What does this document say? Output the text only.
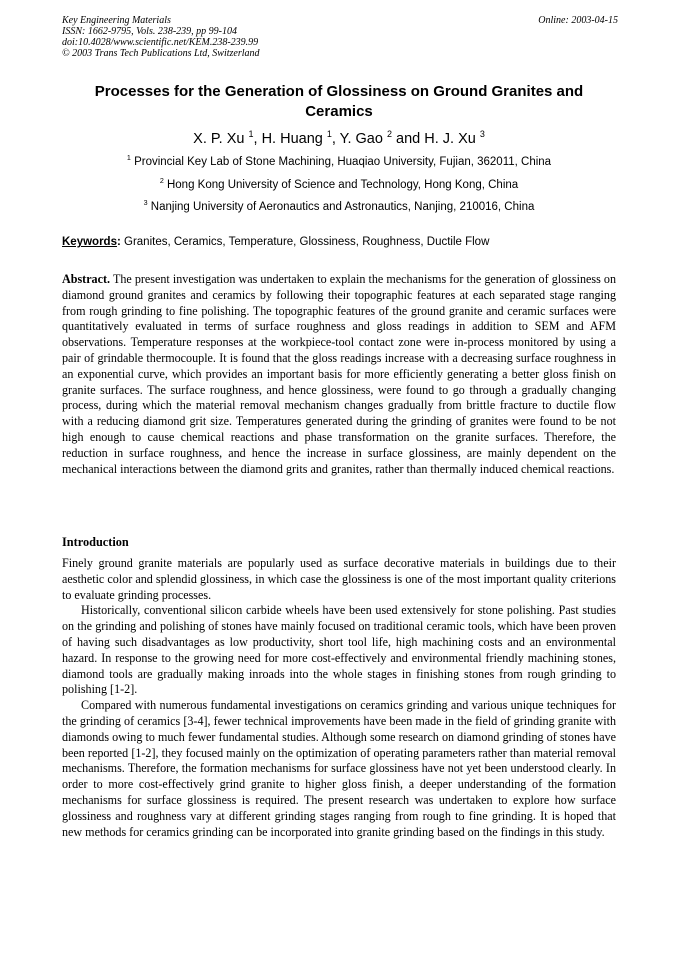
Key Engineering Materials
ISSN: 1662-9795, Vols. 238-239, pp 99-104
doi:10.4028/www.scientific.net/KEM.238-239.99
© 2003 Trans Tech Publications Ltd, Switzerland
Online: 2003-04-15
Processes for the Generation of Glossiness on Ground Granites and Ceramics
X. P. Xu $^1$, H. Huang $^1$, Y. Gao $^2$ and H. J. Xu $^3$
$^1$ Provincial Key Lab of Stone Machining, Huaqiao University, Fujian, 362011, China
$^2$ Hong Kong University of Science and Technology, Hong Kong, China
$^3$ Nanjing University of Aeronautics and Astronautics, Nanjing, 210016, China
Keywords: Granites, Ceramics, Temperature, Glossiness, Roughness, Ductile Flow
Abstract. The present investigation was undertaken to explain the mechanisms for the generation of glossiness on diamond ground granites and ceramics by following their topographic features at each separated stage ranging from rough grinding to fine polishing. The topographic features of the ground granite and ceramic surfaces were quantitatively evaluated in terms of surface roughness and gloss readings in addition to SEM and AFM observations. Temperature responses at the workpiece-tool contact zone were in-process monitored by using a pair of grindable thermocouple. It is found that the gloss readings increase with a decreasing surface roughness in an exponential curve, which provides an important basis for more efficiently generating a better gloss finish on granite surfaces. The surface roughness, and hence glossiness, were found to go through a gradually changing process, during which the material removal mechanism changes gradually from brittle fracture to ductile flow with a reducing diamond grit size. Temperatures generated during the grinding of granites were found to be not high enough to cause chemical reactions and phase transformation on the granite surfaces. Therefore, the reduction in surface roughness, and hence the increase in surface glossiness, are mainly dependent on the mechanical interactions between the diamond grits and granites, rather than thermally induced chemical reactions.
Introduction

Finely ground granite materials are popularly used as surface decorative materials in buildings due to their aesthetic color and splendid glossiness, in which case the glossiness is one of the most important quality criterions to evaluate grinding processes.

Historically, conventional silicon carbide wheels have been used extensively for stone polishing. Past studies on the grinding and polishing of stones have mainly focused on traditional ceramic tools, which have been proven of having such disadvantages as low productivity, short tool life, high machining costs and an environmental hazard. In response to the growing need for more cost-effectively and environmental friendly machining stones, diamond tools are gradually making inroads into the whole stages in finishing stones from rough grinding to polishing [1-2].

Compared with numerous fundamental investigations on ceramics grinding and various unique techniques for the grinding of ceramics [3-4], fewer technical improvements have been made in the field of grinding granite with diamonds owing to much fewer fundamental studies. Although some research on diamond grinding of stones have been reported [1-2], they focused mainly on the optimization of operating parameters rather than material removal mechanisms. Therefore, the formation mechanisms for surface glossiness have not yet been understood clearly. In order to more cost-effectively grind granite to higher gloss finish, a deeper understanding of the formation mechanisms for surface glossiness is required. The present research was undertaken to explore how surface glossiness and roughness vary at different grinding stages ranging from rough to fine grinding. It is hoped that new methods for ceramics grinding can be incorporated into granite grinding based on the findings in this study.
